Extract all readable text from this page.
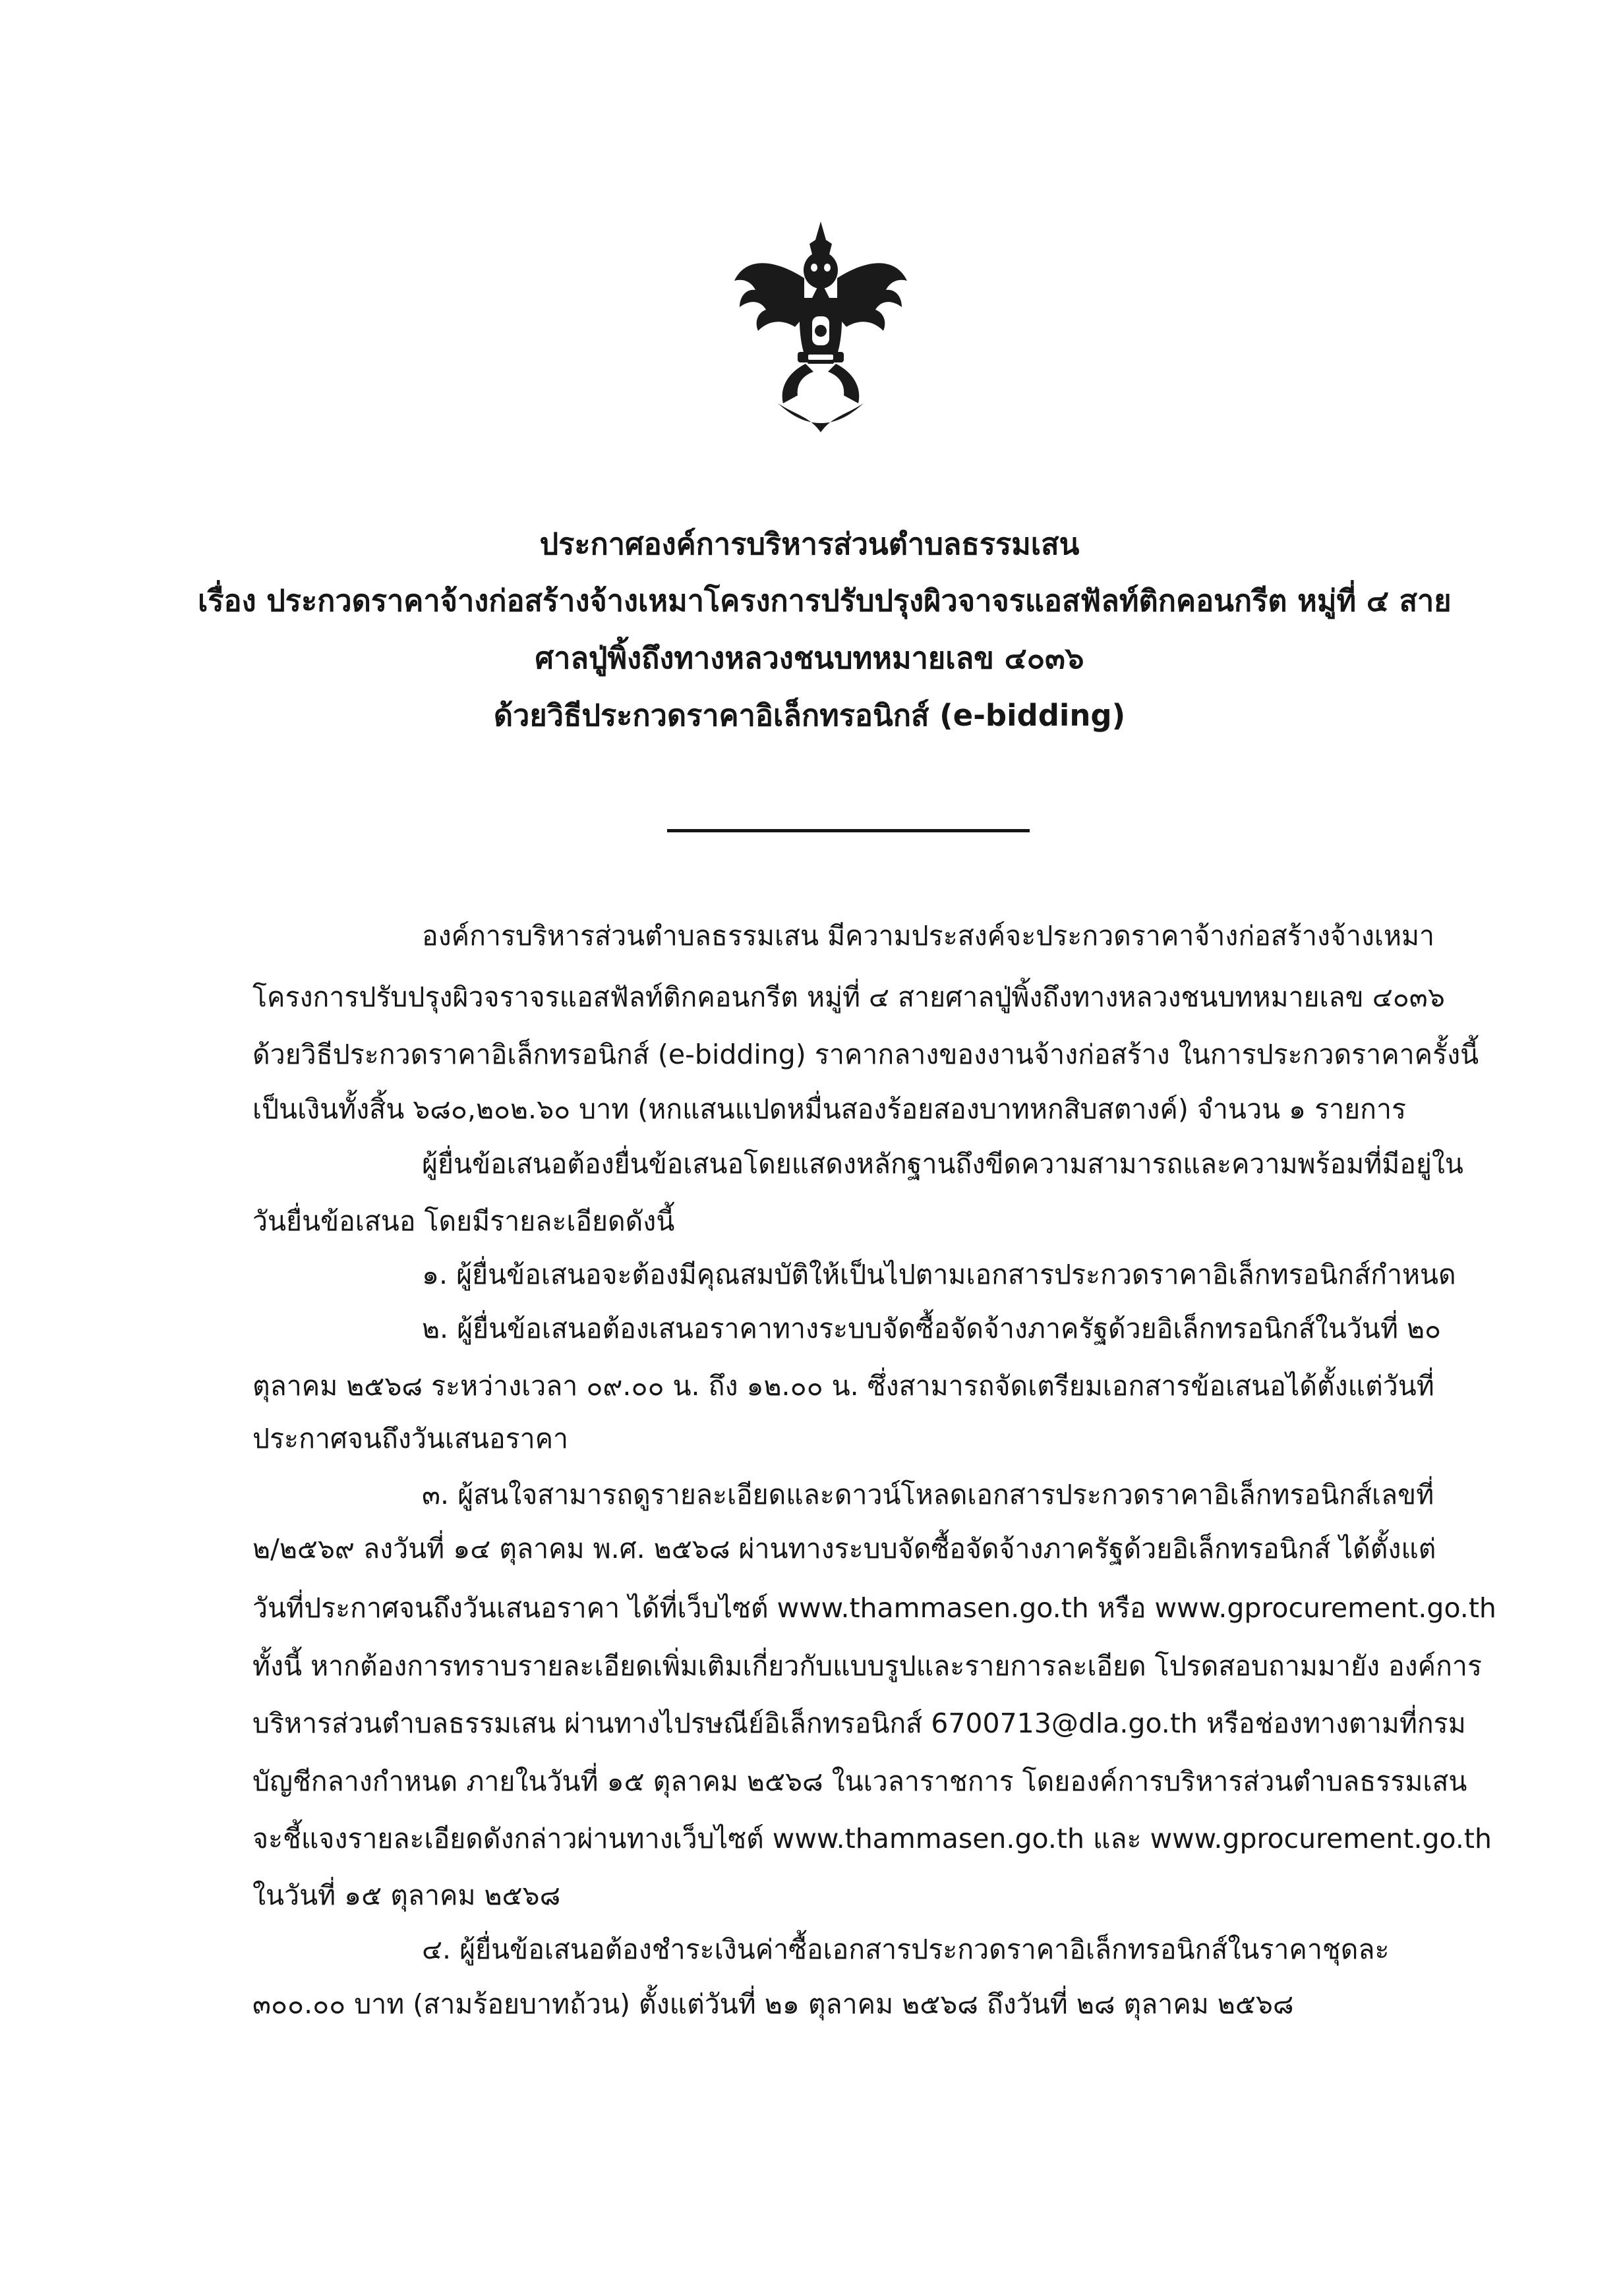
ประกาศองค์การบริหารส่วนตำบลธรรมเสน
เรื่อง ประกวดราคาจ้างก่อสร้างจ้างเหมาโครงการปรับปรุงผิวจาจรแอสฟัลท์ติกคอนกรีต หมู่ที่ ๔ สาย
ศาลปู่พิ้งถึงทางหลวงชนบทหมายเลข ๔๐๓๖
ด้วยวิธีประกวดราคาอิเล็กทรอนิกส์ (e-bidding)
องค์การบริหารส่วนตำบลธรรมเสน มีความประสงค์จะประกวดราคาจ้างก่อสร้างจ้างเหมา
โครงการปรับปรุงผิวจราจรแอสฟัลท์ติกคอนกรีต หมู่ที่ ๔ สายศาลปู่พิ้งถึงทางหลวงชนบทหมายเลข ๔๐๓๖
ด้วยวิธีประกวดราคาอิเล็กทรอนิกส์ (e-bidding) ราคากลางของงานจ้างก่อสร้าง ในการประกวดราคาครั้งนี้
เป็นเงินทั้งสิ้น ๖๘๐,๒๐๒.๖๐ บาท (หกแสนแปดหมื่นสองร้อยสองบาทหกสิบสตางค์) จำนวน ๑ รายการ
ผู้ยื่นข้อเสนอต้องยื่นข้อเสนอโดยแสดงหลักฐานถึงขีดความสามารถและความพร้อมที่มีอยู่ใน
วันยื่นข้อเสนอ โดยมีรายละเอียดดังนี้
๑. ผู้ยื่นข้อเสนอจะต้องมีคุณสมบัติให้เป็นไปตามเอกสารประกวดราคาอิเล็กทรอนิกส์กำหนด
๒. ผู้ยื่นข้อเสนอต้องเสนอราคาทางระบบจัดซื้อจัดจ้างภาครัฐด้วยอิเล็กทรอนิกส์ในวันที่ ๒๐
ตุลาคม ๒๕๖๘ ระหว่างเวลา ๐๙.๐๐ น. ถึง ๑๒.๐๐ น. ซึ่งสามารถจัดเตรียมเอกสารข้อเสนอได้ตั้งแต่วันที่
ประกาศจนถึงวันเสนอราคา
๓. ผู้สนใจสามารถดูรายละเอียดและดาวน์โหลดเอกสารประกวดราคาอิเล็กทรอนิกส์เลขที่
๒/๒๕๖๙ ลงวันที่ ๑๔ ตุลาคม พ.ศ. ๒๕๖๘ ผ่านทางระบบจัดซื้อจัดจ้างภาครัฐด้วยอิเล็กทรอนิกส์ ได้ตั้งแต่
วันที่ประกาศจนถึงวันเสนอราคา ได้ที่เว็บไซต์ www.thammasen.go.th หรือ www.gprocurement.go.th
ทั้งนี้ หากต้องการทราบรายละเอียดเพิ่มเติมเกี่ยวกับแบบรูปและรายการละเอียด โปรดสอบถามมายัง องค์การ
บริหารส่วนตำบลธรรมเสน ผ่านทางไปรษณีย์อิเล็กทรอนิกส์ 6700713@dla.go.th หรือช่องทางตามที่กรม
บัญชีกลางกำหนด ภายในวันที่ ๑๕ ตุลาคม ๒๕๖๘ ในเวลาราชการ โดยองค์การบริหารส่วนตำบลธรรมเสน
จะชี้แจงรายละเอียดดังกล่าวผ่านทางเว็บไซต์ www.thammasen.go.th และ www.gprocurement.go.th
ในวันที่ ๑๕ ตุลาคม ๒๕๖๘
๔. ผู้ยื่นข้อเสนอต้องชำระเงินค่าซื้อเอกสารประกวดราคาอิเล็กทรอนิกส์ในราคาชุดละ
๓๐๐.๐๐ บาท (สามร้อยบาทถ้วน) ตั้งแต่วันที่ ๒๑ ตุลาคม ๒๕๖๘ ถึงวันที่ ๒๘ ตุลาคม ๒๕๖๘
